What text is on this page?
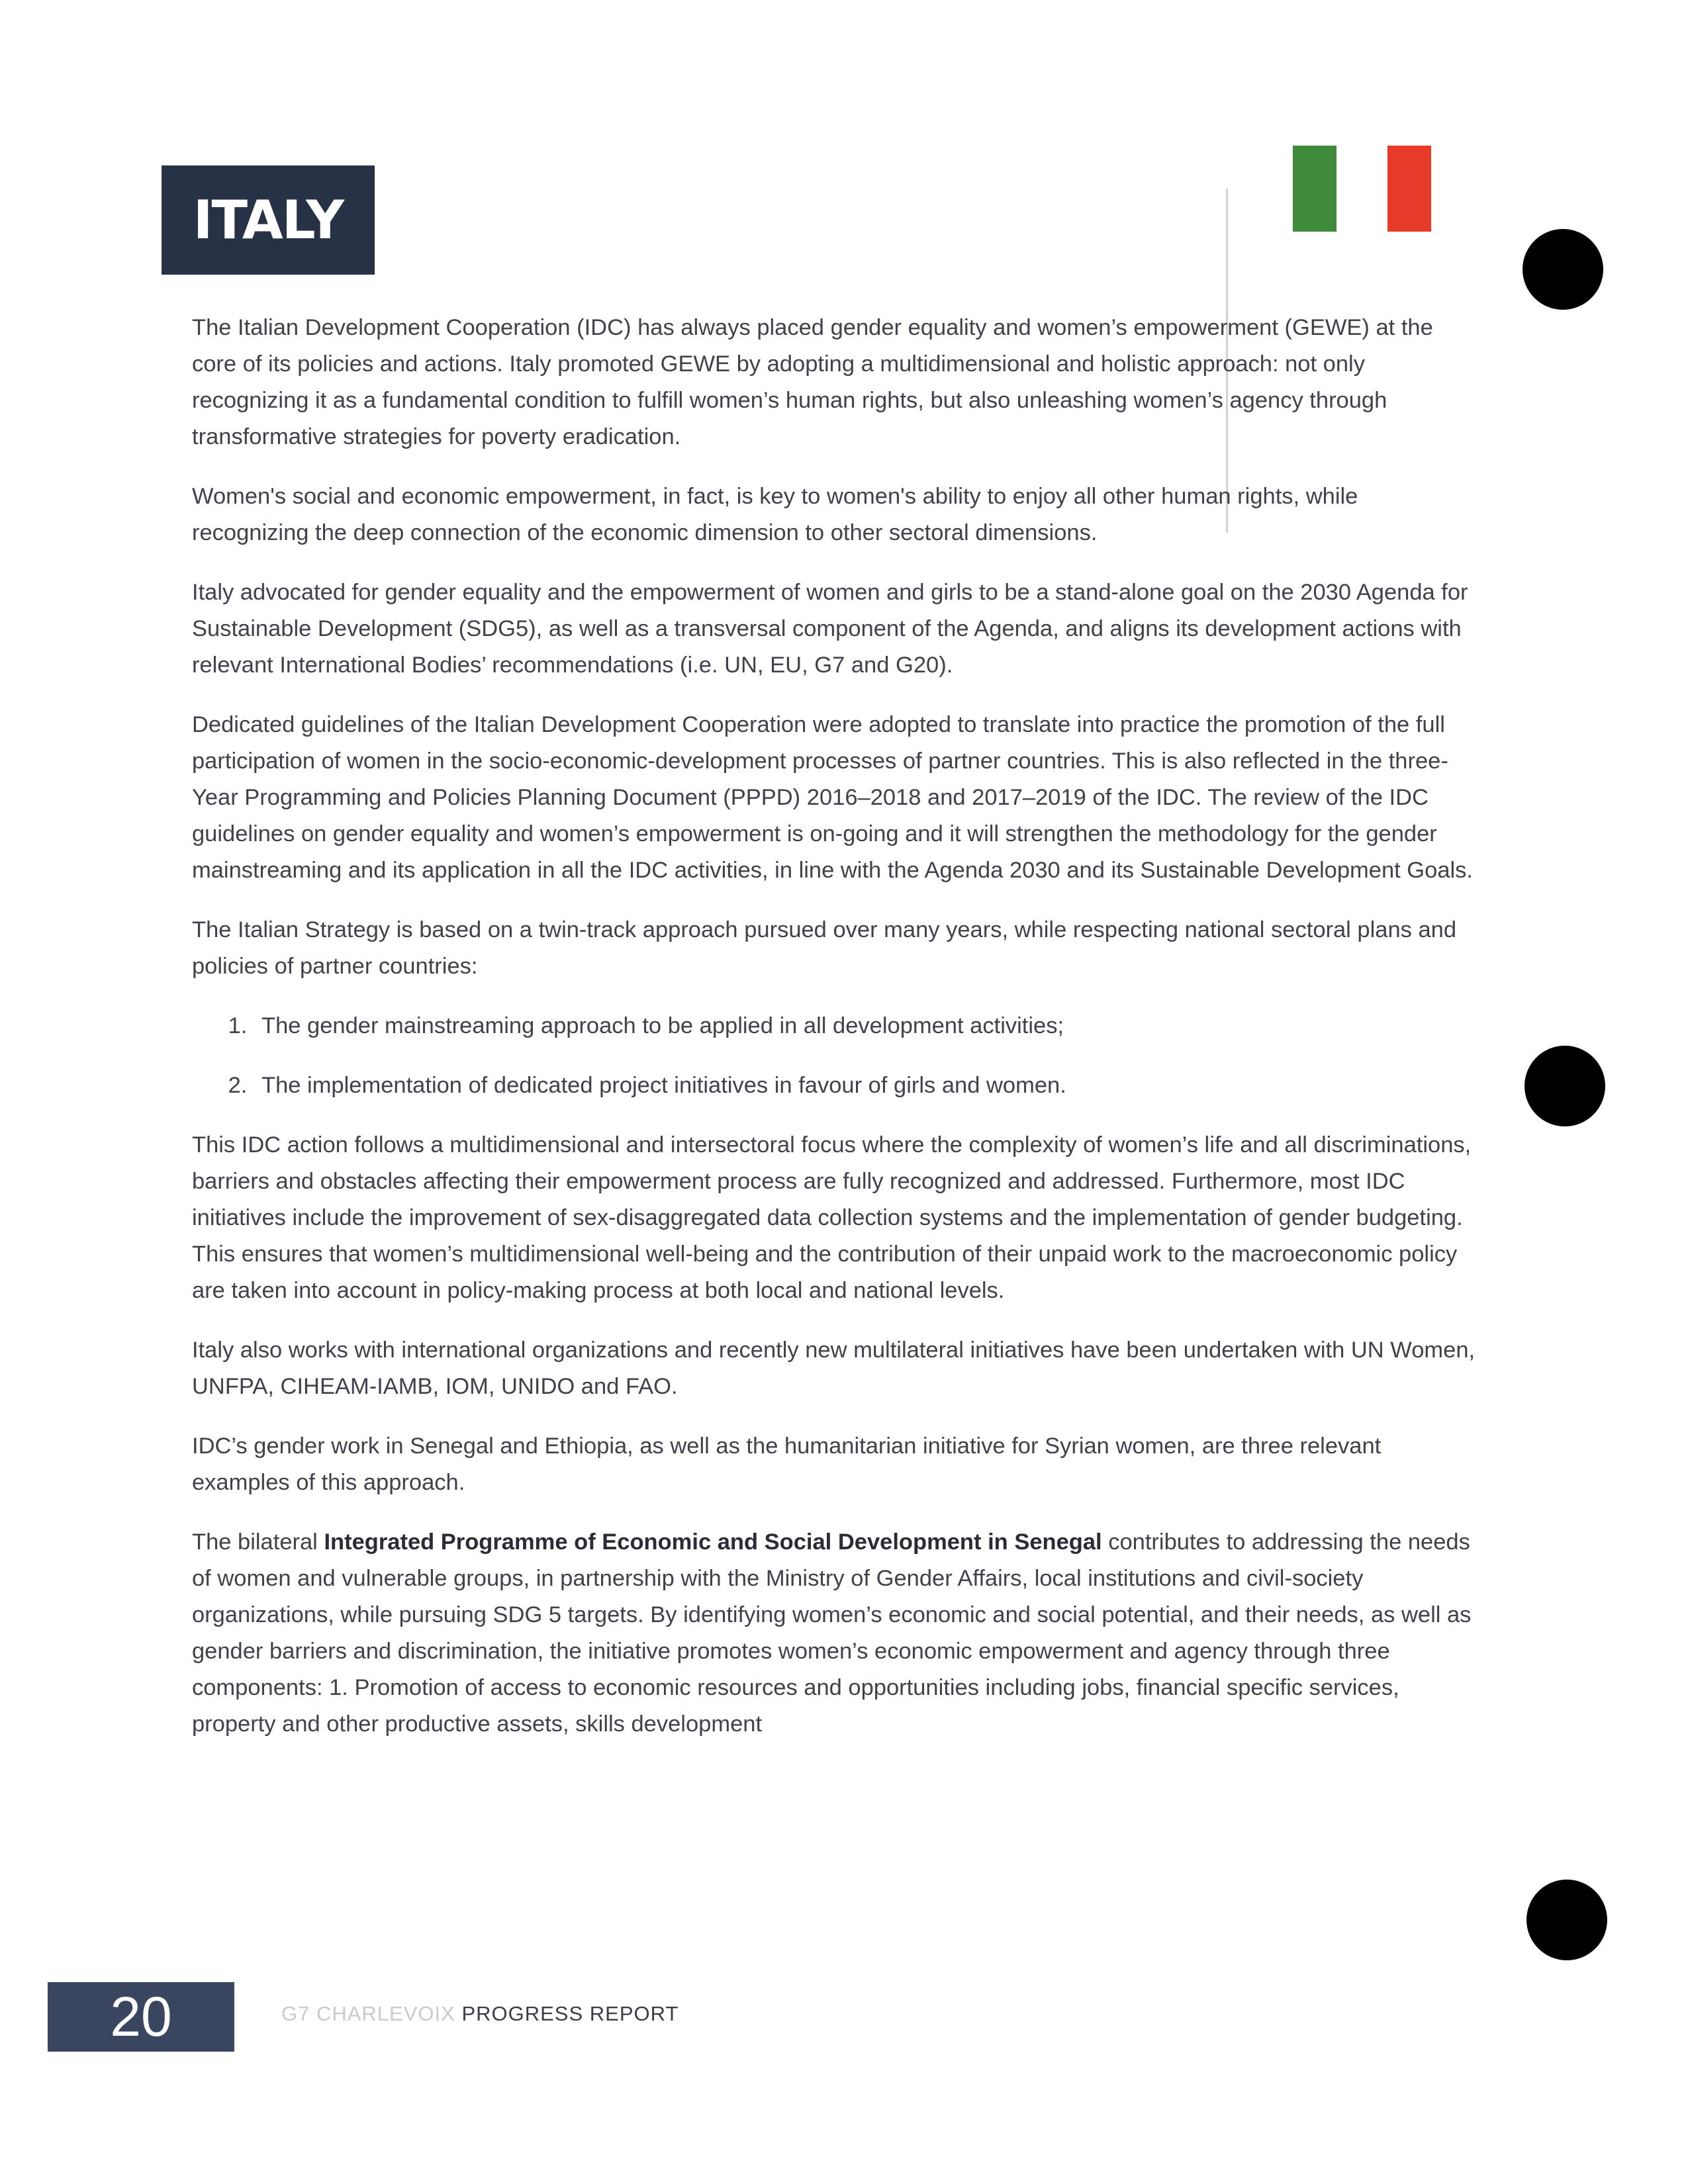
ITALY

The Italian Development Cooperation (IDC) has always placed gender equality and women’s empowerment (GEWE) at the core of its policies and actions. Italy promoted GEWE by adopting a multidimensional and holistic approach: not only recognizing it as a fundamental condition to fulfill women’s human rights, but also unleashing women’s agency through transformative strategies for poverty eradication.

Women's social and economic empowerment, in fact, is key to women's ability to enjoy all other human rights, while recognizing the deep connection of the economic dimension to other sectoral dimensions.

Italy advocated for gender equality and the empowerment of women and girls to be a stand-alone goal on the 2030 Agenda for Sustainable Development (SDG5), as well as a transversal component of the Agenda, and aligns its development actions with relevant International Bodies’ recommendations (i.e. UN, EU, G7 and G20).

Dedicated guidelines of the Italian Development Cooperation were adopted to translate into practice the promotion of the full participation of women in the socio-economic-development processes of partner countries. This is also reflected in the three-Year Programming and Policies Planning Document (PPPD) 2016–2018 and 2017–2019 of the IDC. The review of the IDC guidelines on gender equality and women’s empowerment is on-going and it will strengthen the methodology for the gender mainstreaming and its application in all the IDC activities, in line with the Agenda 2030 and its Sustainable Development Goals.

The Italian Strategy is based on a twin-track approach pursued over many years, while respecting national sectoral plans and policies of partner countries:

1. The gender mainstreaming approach to be applied in all development activities;
2. The implementation of dedicated project initiatives in favour of girls and women.

This IDC action follows a multidimensional and intersectoral focus where the complexity of women’s life and all discriminations, barriers and obstacles affecting their empowerment process are fully recognized and addressed. Furthermore, most IDC initiatives include the improvement of sex-disaggregated data collection systems and the implementation of gender budgeting. This ensures that women’s multidimensional well-being and the contribution of their unpaid work to the macroeconomic policy are taken into account in policy-making process at both local and national levels.

Italy also works with international organizations and recently new multilateral initiatives have been undertaken with UN Women, UNFPA, CIHEAM-IAMB, IOM, UNIDO and FAO.

IDC’s gender work in Senegal and Ethiopia, as well as the humanitarian initiative for Syrian women, are three relevant examples of this approach.

The bilateral Integrated Programme of Economic and Social Development in Senegal contributes to addressing the needs of women and vulnerable groups, in partnership with the Ministry of Gender Affairs, local institutions and civil-society organizations, while pursuing SDG 5 targets. By identifying women’s economic and social potential, and their needs, as well as gender barriers and discrimination, the initiative promotes women’s economic empowerment and agency through three components: 1. Promotion of access to economic resources and opportunities including jobs, financial specific services, property and other productive assets, skills development

20	G7 CHARLEVOIX PROGRESS REPORT
